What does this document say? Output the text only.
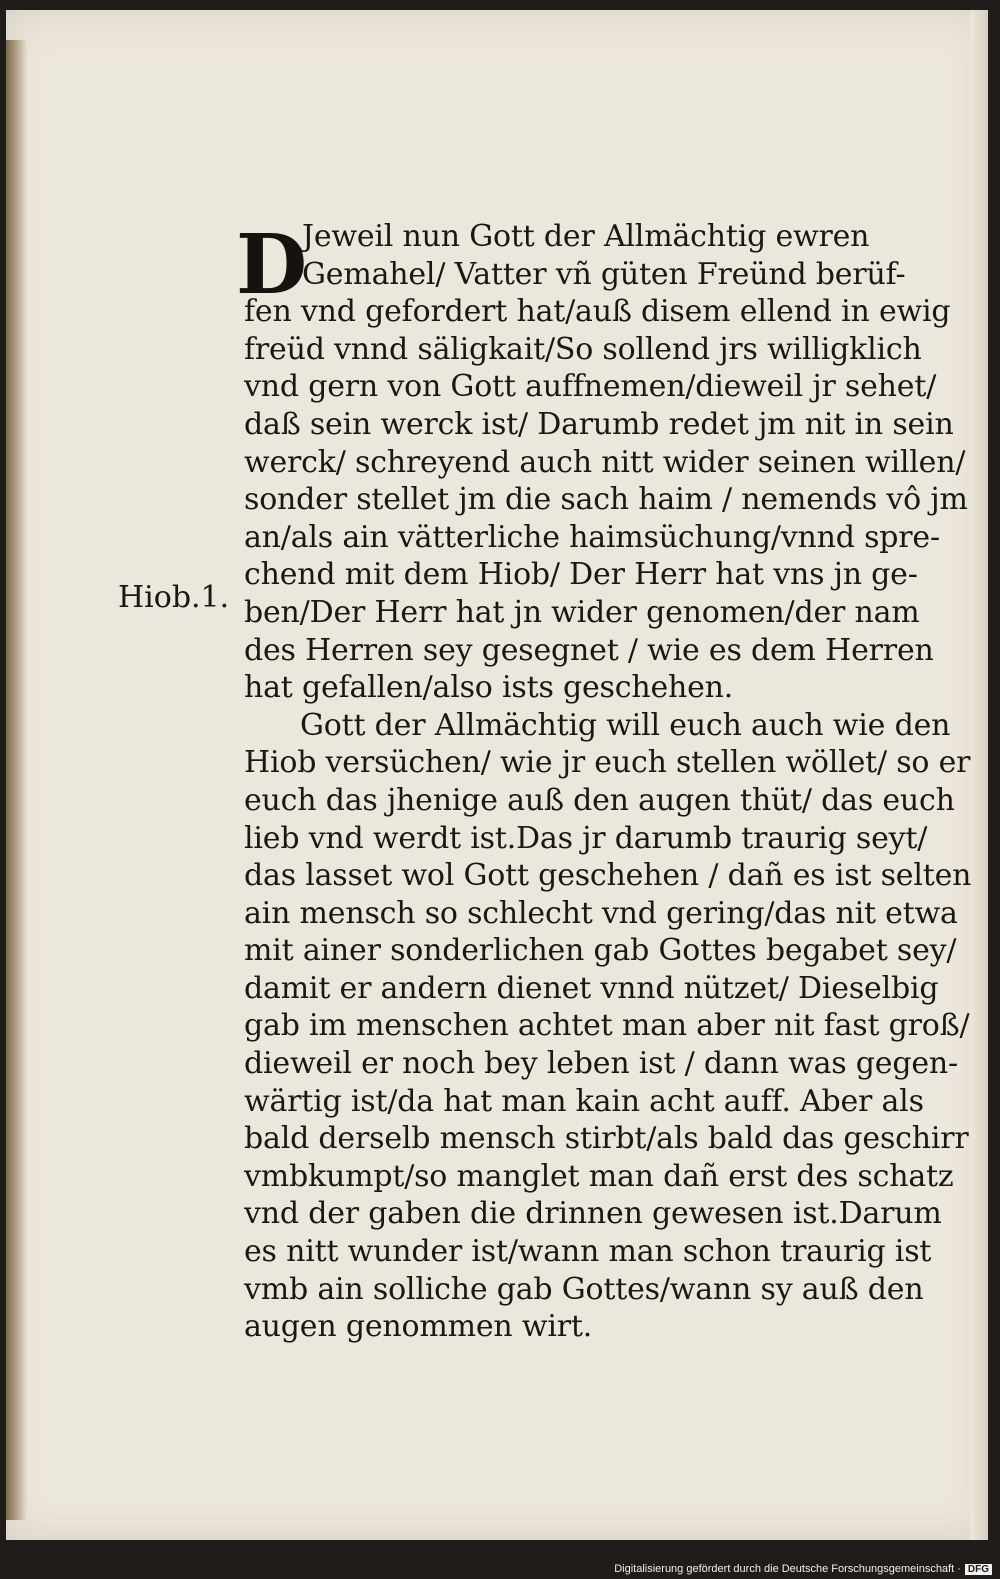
Hiob.1.
D
Jeweil nun Gott der Allmächtig ewren
Gemahel/ Vatter vñ güten Freünd berüf-
fen vnd gefordert hat/auß disem ellend in ewig
freüd vnnd säligkait/So sollend jrs willigklich
vnd gern von Gott auffnemen/dieweil jr sehet/
daß sein werck ist/ Darumb redet jm nit in sein
werck/ schreyend auch nitt wider seinen willen/
sonder stellet jm die sach haim / nemends vô jm
an/als ain vätterliche haimsüchung/vnnd spre-
chend mit dem Hiob/ Der Herr hat vns jn ge-
ben/Der Herr hat jn wider genomen/der nam
des Herren sey gesegnet / wie es dem Herren
hat gefallen/also ists geschehen.
Gott der Allmächtig will euch auch wie den
Hiob versüchen/ wie jr euch stellen wöllet/ so er
euch das jhenige auß den augen thüt/ das euch
lieb vnd werdt ist.Das jr darumb traurig seyt/
das lasset wol Gott geschehen / dañ es ist selten
ain mensch so schlecht vnd gering/das nit etwa
mit ainer sonderlichen gab Gottes begabet sey/
damit er andern dienet vnnd nützet/ Dieselbig
gab im menschen achtet man aber nit fast groß/
dieweil er noch bey leben ist / dann was gegen-
wärtig ist/da hat man kain acht auff. Aber als
bald derselb mensch stirbt/als bald das geschirr
vmbkumpt/so manglet man dañ erst des schatz
vnd der gaben die drinnen gewesen ist.Darum
es nitt wunder ist/wann man schon traurig ist
vmb ain solliche gab Gottes/wann sy auß den
augen genommen wirt.
Digitalisierung gefördert durch die Deutsche Forschungsgemeinschaft · DFG
